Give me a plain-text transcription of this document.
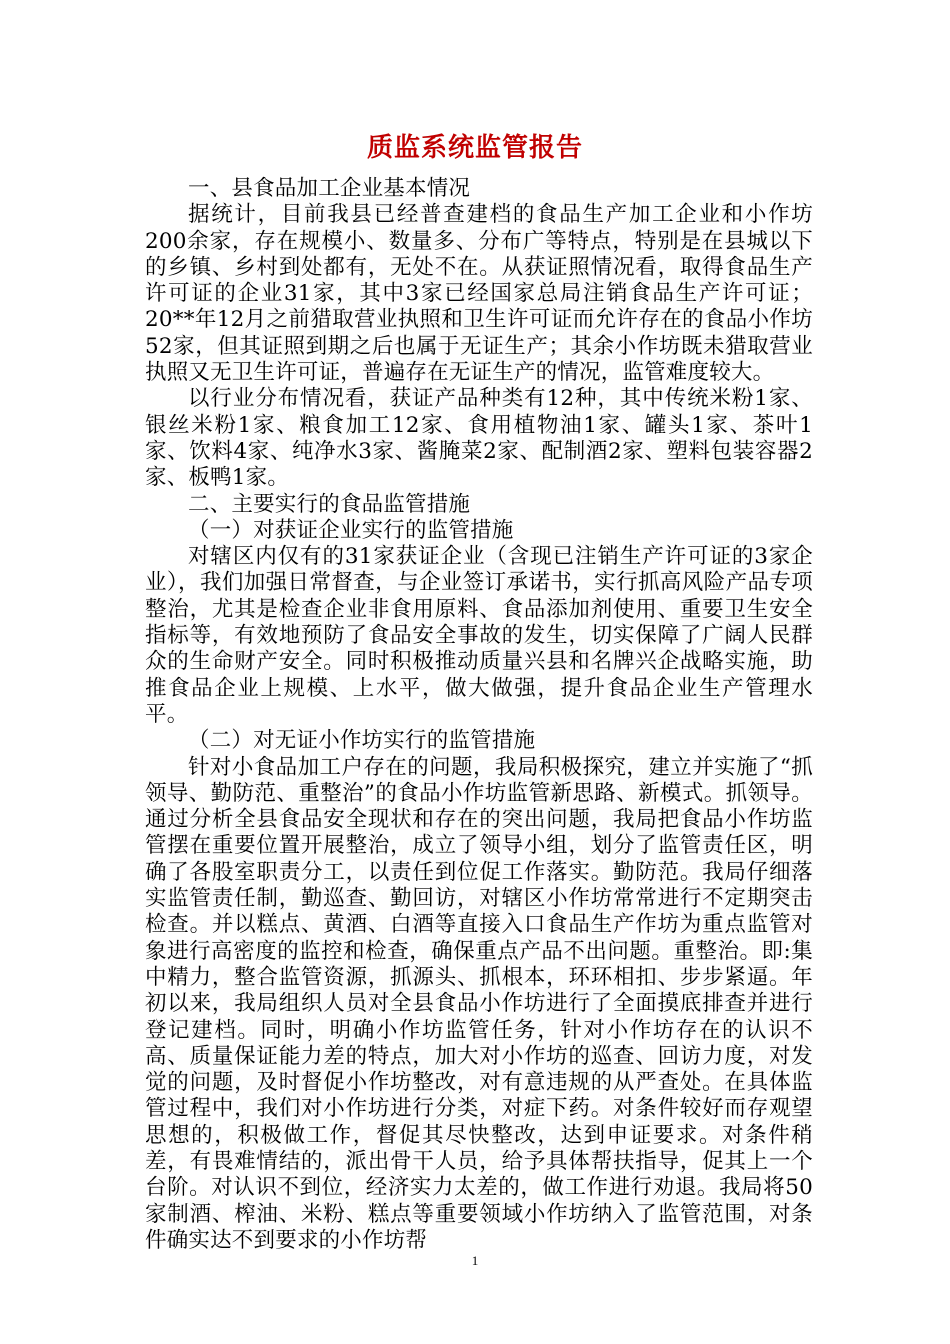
质监系统监管报告

一、县食品加工企业基本情况

据统计，目前我县已经普查建档的食品生产加工企业和小作坊200余家，存在规模小、数量多、分布广等特点，特别是在县城以下的乡镇、乡村到处都有，无处不在。从获证照情况看，取得食品生产许可证的企业31家，其中3家已经国家总局注销食品生产许可证；20**年12月之前猎取营业执照和卫生许可证而允许存在的食品小作坊52家，但其证照到期之后也属于无证生产；其余小作坊既未猎取营业执照又无卫生许可证，普遍存在无证生产的情况，监管难度较大。

以行业分布情况看，获证产品种类有12种，其中传统米粉1家、银丝米粉1家、粮食加工12家、食用植物油1家、罐头1家、茶叶1家、饮料4家、纯净水3家、酱腌菜2家、配制酒2家、塑料包装容器2家、板鸭1家。

二、主要实行的食品监管措施

（一）对获证企业实行的监管措施

对辖区内仅有的31家获证企业（含现已注销生产许可证的3家企业），我们加强日常督查，与企业签订承诺书，实行抓高风险产品专项整治，尤其是检查企业非食用原料、食品添加剂使用、重要卫生安全指标等，有效地预防了食品安全事故的发生，切实保障了广阔人民群众的生命财产安全。同时积极推动质量兴县和名牌兴企战略实施，助推食品企业上规模、上水平，做大做强，提升食品企业生产管理水平。

（二）对无证小作坊实行的监管措施

针对小食品加工户存在的问题，我局积极探究，建立并实施了“抓领导、勤防范、重整治”的食品小作坊监管新思路、新模式。抓领导。通过分析全县食品安全现状和存在的突出问题，我局把食品小作坊监管摆在重要位置开展整治，成立了领导小组，划分了监管责任区，明确了各股室职责分工，以责任到位促工作落实。勤防范。我局仔细落实监管责任制，勤巡查、勤回访，对辖区小作坊常常进行不定期突击检查。并以糕点、黄酒、白酒等直接入口食品生产作坊为重点监管对象进行高密度的监控和检查，确保重点产品不出问题。重整治。即:集中精力，整合监管资源，抓源头、抓根本，环环相扣、步步紧逼。年初以来，我局组织人员对全县食品小作坊进行了全面摸底排查并进行登记建档。同时，明确小作坊监管任务，针对小作坊存在的认识不高、质量保证能力差的特点，加大对小作坊的巡查、回访力度，对发觉的问题，及时督促小作坊整改，对有意违规的从严查处。在具体监管过程中，我们对小作坊进行分类，对症下药。对条件较好而存观望思想的，积极做工作，督促其尽快整改，达到申证要求。对条件稍差，有畏难情结的，派出骨干人员，给予具体帮扶指导，促其上一个台阶。对认识不到位，经济实力太差的，做工作进行劝退。我局将50家制酒、榨油、米粉、糕点等重要领域小作坊纳入了监管范围，对条件确实达不到要求的小作坊帮

1
